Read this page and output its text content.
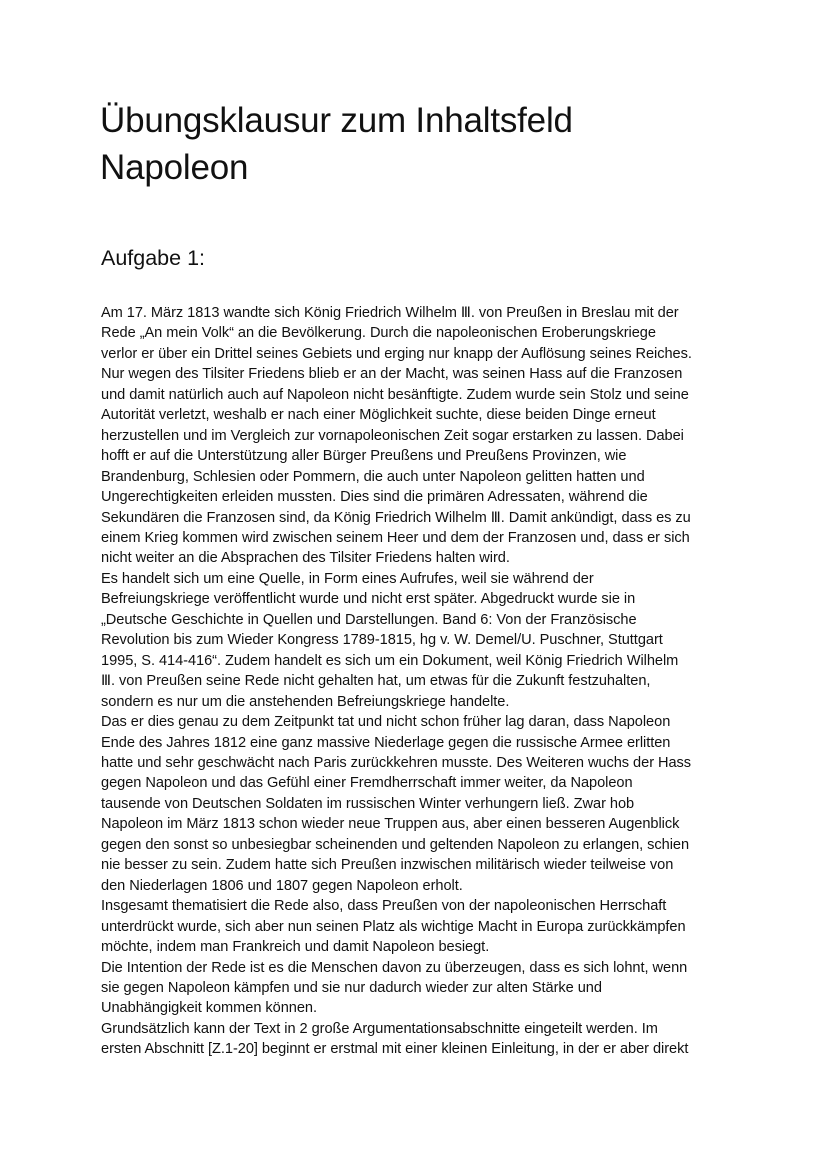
Übungsklausur zum Inhaltsfeld
Napoleon
Aufgabe 1:
Am 17. März 1813 wandte sich König Friedrich Wilhelm Ⅲ. von Preußen in Breslau mit der
Rede „An mein Volk“ an die Bevölkerung. Durch die napoleonischen Eroberungskriege
verlor er über ein Drittel seines Gebiets und erging nur knapp der Auflösung seines Reiches.
Nur wegen des Tilsiter Friedens blieb er an der Macht, was seinen Hass auf die Franzosen
und damit natürlich auch auf Napoleon nicht besänftigte. Zudem wurde sein Stolz und seine
Autorität verletzt, weshalb er nach einer Möglichkeit suchte, diese beiden Dinge erneut
herzustellen und im Vergleich zur vornapoleonischen Zeit sogar erstarken zu lassen. Dabei
hofft er auf die Unterstützung aller Bürger Preußens und Preußens Provinzen, wie
Brandenburg, Schlesien oder Pommern, die auch unter Napoleon gelitten hatten und
Ungerechtigkeiten erleiden mussten. Dies sind die primären Adressaten, während die
Sekundären die Franzosen sind, da König Friedrich Wilhelm Ⅲ. Damit ankündigt, dass es zu
einem Krieg kommen wird zwischen seinem Heer und dem der Franzosen und, dass er sich
nicht weiter an die Absprachen des Tilsiter Friedens halten wird.
Es handelt sich um eine Quelle, in Form eines Aufrufes, weil sie während der
Befreiungskriege veröffentlicht wurde und nicht erst später. Abgedruckt wurde sie in
„Deutsche Geschichte in Quellen und Darstellungen. Band 6: Von der Französische
Revolution bis zum Wieder Kongress 1789-1815, hg v. W. Demel/U. Puschner, Stuttgart
1995, S. 414-416“. Zudem handelt es sich um ein Dokument, weil König Friedrich Wilhelm
Ⅲ. von Preußen seine Rede nicht gehalten hat, um etwas für die Zukunft festzuhalten,
sondern es nur um die anstehenden Befreiungskriege handelte.
Das er dies genau zu dem Zeitpunkt tat und nicht schon früher lag daran, dass Napoleon
Ende des Jahres 1812 eine ganz massive Niederlage gegen die russische Armee erlitten
hatte und sehr geschwächt nach Paris zurückkehren musste. Des Weiteren wuchs der Hass
gegen Napoleon und das Gefühl einer Fremdherrschaft immer weiter, da Napoleon
tausende von Deutschen Soldaten im russischen Winter verhungern ließ. Zwar hob
Napoleon im März 1813 schon wieder neue Truppen aus, aber einen besseren Augenblick
gegen den sonst so unbesiegbar scheinenden und geltenden Napoleon zu erlangen, schien
nie besser zu sein. Zudem hatte sich Preußen inzwischen militärisch wieder teilweise von
den Niederlagen 1806 und 1807 gegen Napoleon erholt.
Insgesamt thematisiert die Rede also, dass Preußen von der napoleonischen Herrschaft
unterdrückt wurde, sich aber nun seinen Platz als wichtige Macht in Europa zurückkämpfen
möchte, indem man Frankreich und damit Napoleon besiegt.
Die Intention der Rede ist es die Menschen davon zu überzeugen, dass es sich lohnt, wenn
sie gegen Napoleon kämpfen und sie nur dadurch wieder zur alten Stärke und
Unabhängigkeit kommen können.
Grundsätzlich kann der Text in 2 große Argumentationsabschnitte eingeteilt werden. Im
ersten Abschnitt [Z.1-20] beginnt er erstmal mit einer kleinen Einleitung, in der er aber direkt
